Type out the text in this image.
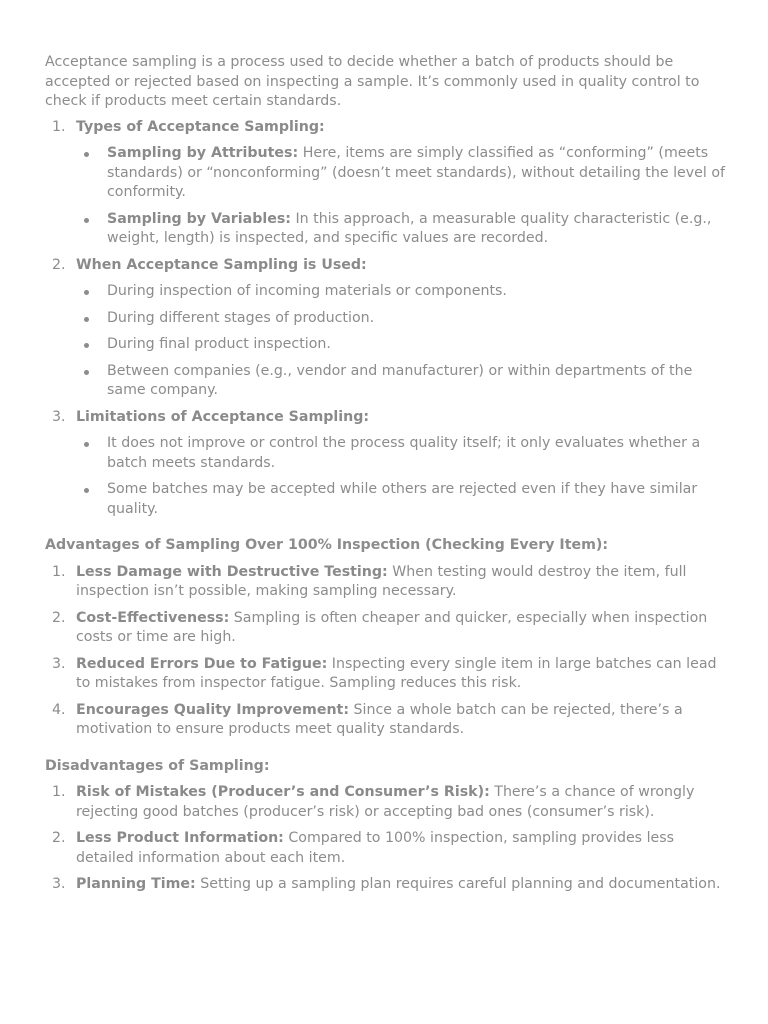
Acceptance sampling is a process used to decide whether a batch of products should be accepted or rejected based on inspecting a sample. It’s commonly used in quality control to check if products meet certain standards.

1. Types of Acceptance Sampling:
Sampling by Attributes: Here, items are simply classified as “conforming” (meets standards) or “nonconforming” (doesn’t meet standards), without detailing the level of conformity.
Sampling by Variables: In this approach, a measurable quality characteristic (e.g., weight, length) is inspected, and specific values are recorded.
2. When Acceptance Sampling is Used:
During inspection of incoming materials or components.
During different stages of production.
During final product inspection.
Between companies (e.g., vendor and manufacturer) or within departments of the same company.
3. Limitations of Acceptance Sampling:
It does not improve or control the process quality itself; it only evaluates whether a batch meets standards.
Some batches may be accepted while others are rejected even if they have similar quality.

Advantages of Sampling Over 100% Inspection (Checking Every Item):

1. Less Damage with Destructive Testing: When testing would destroy the item, full inspection isn’t possible, making sampling necessary.
2. Cost-Effectiveness: Sampling is often cheaper and quicker, especially when inspection costs or time are high.
3. Reduced Errors Due to Fatigue: Inspecting every single item in large batches can lead to mistakes from inspector fatigue. Sampling reduces this risk.
4. Encourages Quality Improvement: Since a whole batch can be rejected, there’s a motivation to ensure products meet quality standards.

Disadvantages of Sampling:

1. Risk of Mistakes (Producer’s and Consumer’s Risk): There’s a chance of wrongly rejecting good batches (producer’s risk) or accepting bad ones (consumer’s risk).
2. Less Product Information: Compared to 100% inspection, sampling provides less detailed information about each item.
3. Planning Time: Setting up a sampling plan requires careful planning and documentation.
